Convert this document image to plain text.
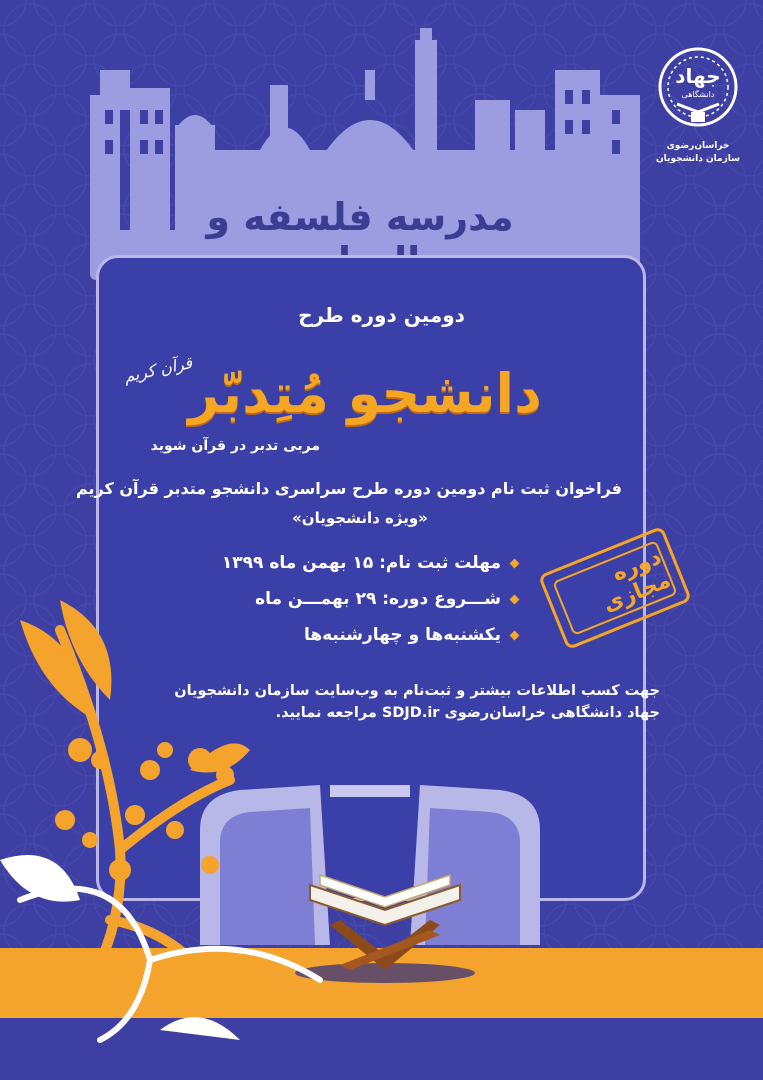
جهاد
دانشگاهی
خراسان‌رضوی
سازمان دانشجویان
مدرسه فلسفه و
دومین دوره طرح
دانشجو مُتِدبّر
قرآن کریم
مربی تدبر در قرآن شوید
فراخوان ثبت نام دومین دوره طرح سراسری دانشجو متدبر قرآن کریم
«ویژه دانشجویان»
مهلت ثبت نام: ۱۵ بهمن ماه ۱۳۹۹
شـــروع دوره: ۲۹ بهمـــن ماه
یکشنبه‌ها و چهارشنبه‌ها
دوره مجازی
جهت کسب اطلاعات بیشتر و ثبت‌نام به وب‌سایت سازمان دانشجویان
جهاد دانشگاهی خراسان‌رضوی SDJD.ir مراجعه نمایید.
